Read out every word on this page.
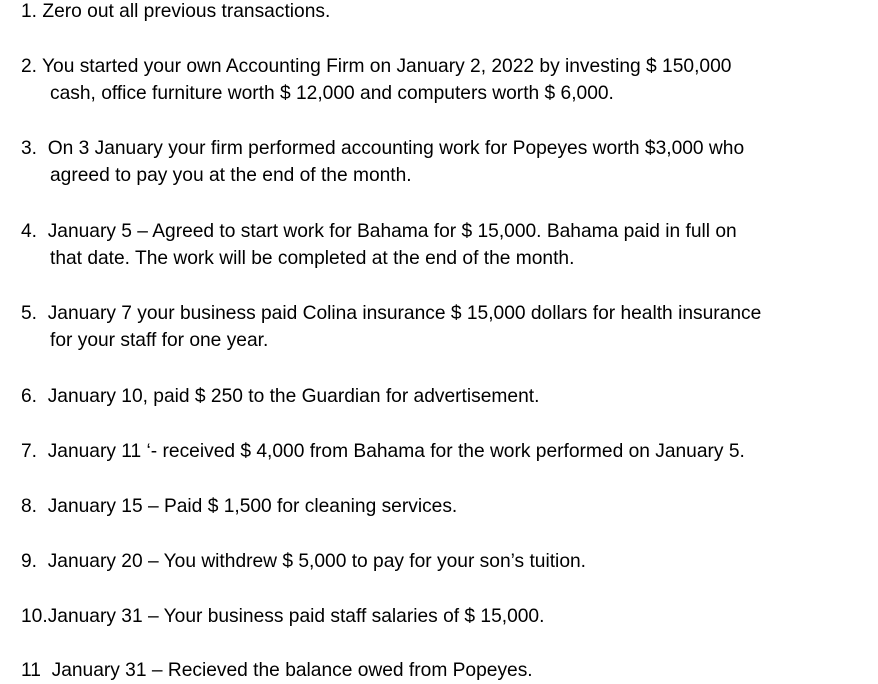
1. Zero out all previous transactions.
2. You started your own Accounting Firm on January 2, 2022 by investing $ 150,000
cash, office furniture worth $ 12,000 and computers worth $ 6,000.
3. On 3 January your firm performed accounting work for Popeyes worth $3,000 who
agreed to pay you at the end of the month.
4. January 5 – Agreed to start work for Bahama for $ 15,000. Bahama paid in full on
that date. The work will be completed at the end of the month.
5. January 7 your business paid Colina insurance $ 15,000 dollars for health insurance
for your staff for one year.
6. January 10, paid $ 250 to the Guardian for advertisement.
7. January 11 ‘- received $ 4,000 from Bahama for the work performed on January 5.
8. January 15 – Paid $ 1,500 for cleaning services.
9. January 20 – You withdrew $ 5,000 to pay for your son’s tuition.
10.January 31 – Your business paid staff salaries of $ 15,000.
11 January 31 – Recieved the balance owed from Popeyes.
